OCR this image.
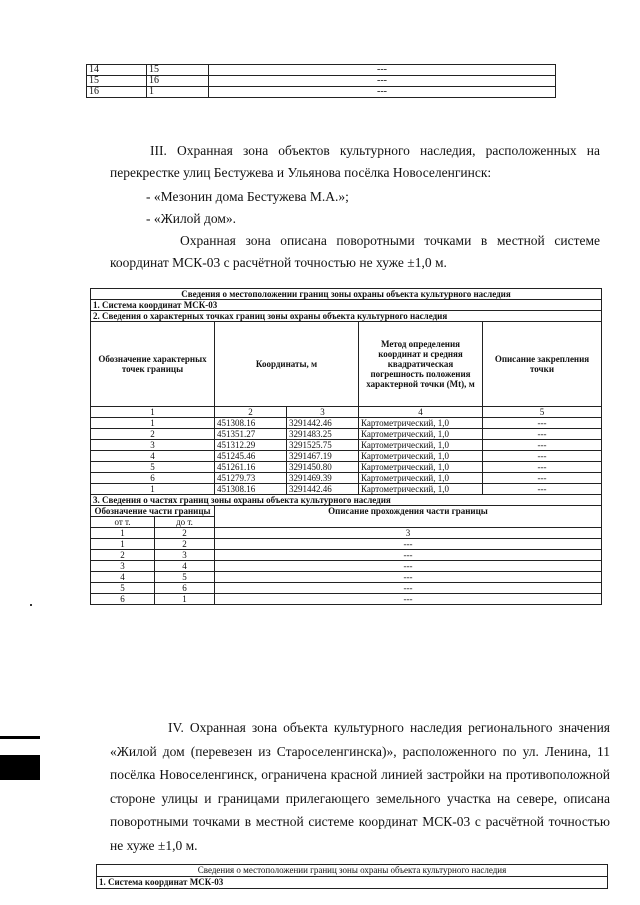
14	15	---
15	16	---
16	1	---

III. Охранная зона объектов культурного наследия, расположенных на перекрестке улиц Бестужева и Ульянова посёлка Новоселенгинск:

- «Мезонин дома Бестужева М.А.»;

- «Жилой дом».

Охранная зона описана поворотными точками в местной системе координат МСК-03 с расчётной точностью не хуже ±1,0 м.

Сведения о местоположении границ зоны охраны объекта культурного наследия					
1. Система координат МСК-03					
2. Сведения о характерных точках границ зоны охраны объекта культурного наследия					
Обозначение характерных точек границы		Координаты, м		Метод определения координат и средняя квадратическая погрешность положения характерной точки (Mt), м	Описание закрепления точки
1		2	3	4	5
1		451308.16	3291442.46	Картометрический, 1,0	---
2		451351.27	3291483.25	Картометрический, 1,0	---
3		451312.29	3291525.75	Картометрический, 1,0	---
4		451245.46	3291467.19	Картометрический, 1,0	---
5		451261.16	3291450.80	Картометрический, 1,0	---
6		451279.73	3291469.39	Картометрический, 1,0	---
1		451308.16	3291442.46	Картометрический, 1,0	---
3. Сведения о частях границ зоны охраны объекта культурного наследия					
Обозначение части границы		Описание прохождения части границы			
от т.	до т.				
1	2	3			
1	2	---			
2	3	---			
3	4	---			
4	5	---			
5	6	---			
6	1	---			

IV. Охранная зона объекта культурного наследия регионального значения «Жилой дом (перевезен из Староселенгинска)», расположенного по ул. Ленина, 11 посёлка Новоселенгинск, ограничена красной линией застройки на противоположной стороне улицы и границами прилегающего земельного участка на севере, описана поворотными точками в местной системе координат МСК-03 с расчётной точностью не хуже ±1,0 м.

Сведения о местоположении границ зоны охраны объекта культурного наследия
1. Система координат МСК-03
